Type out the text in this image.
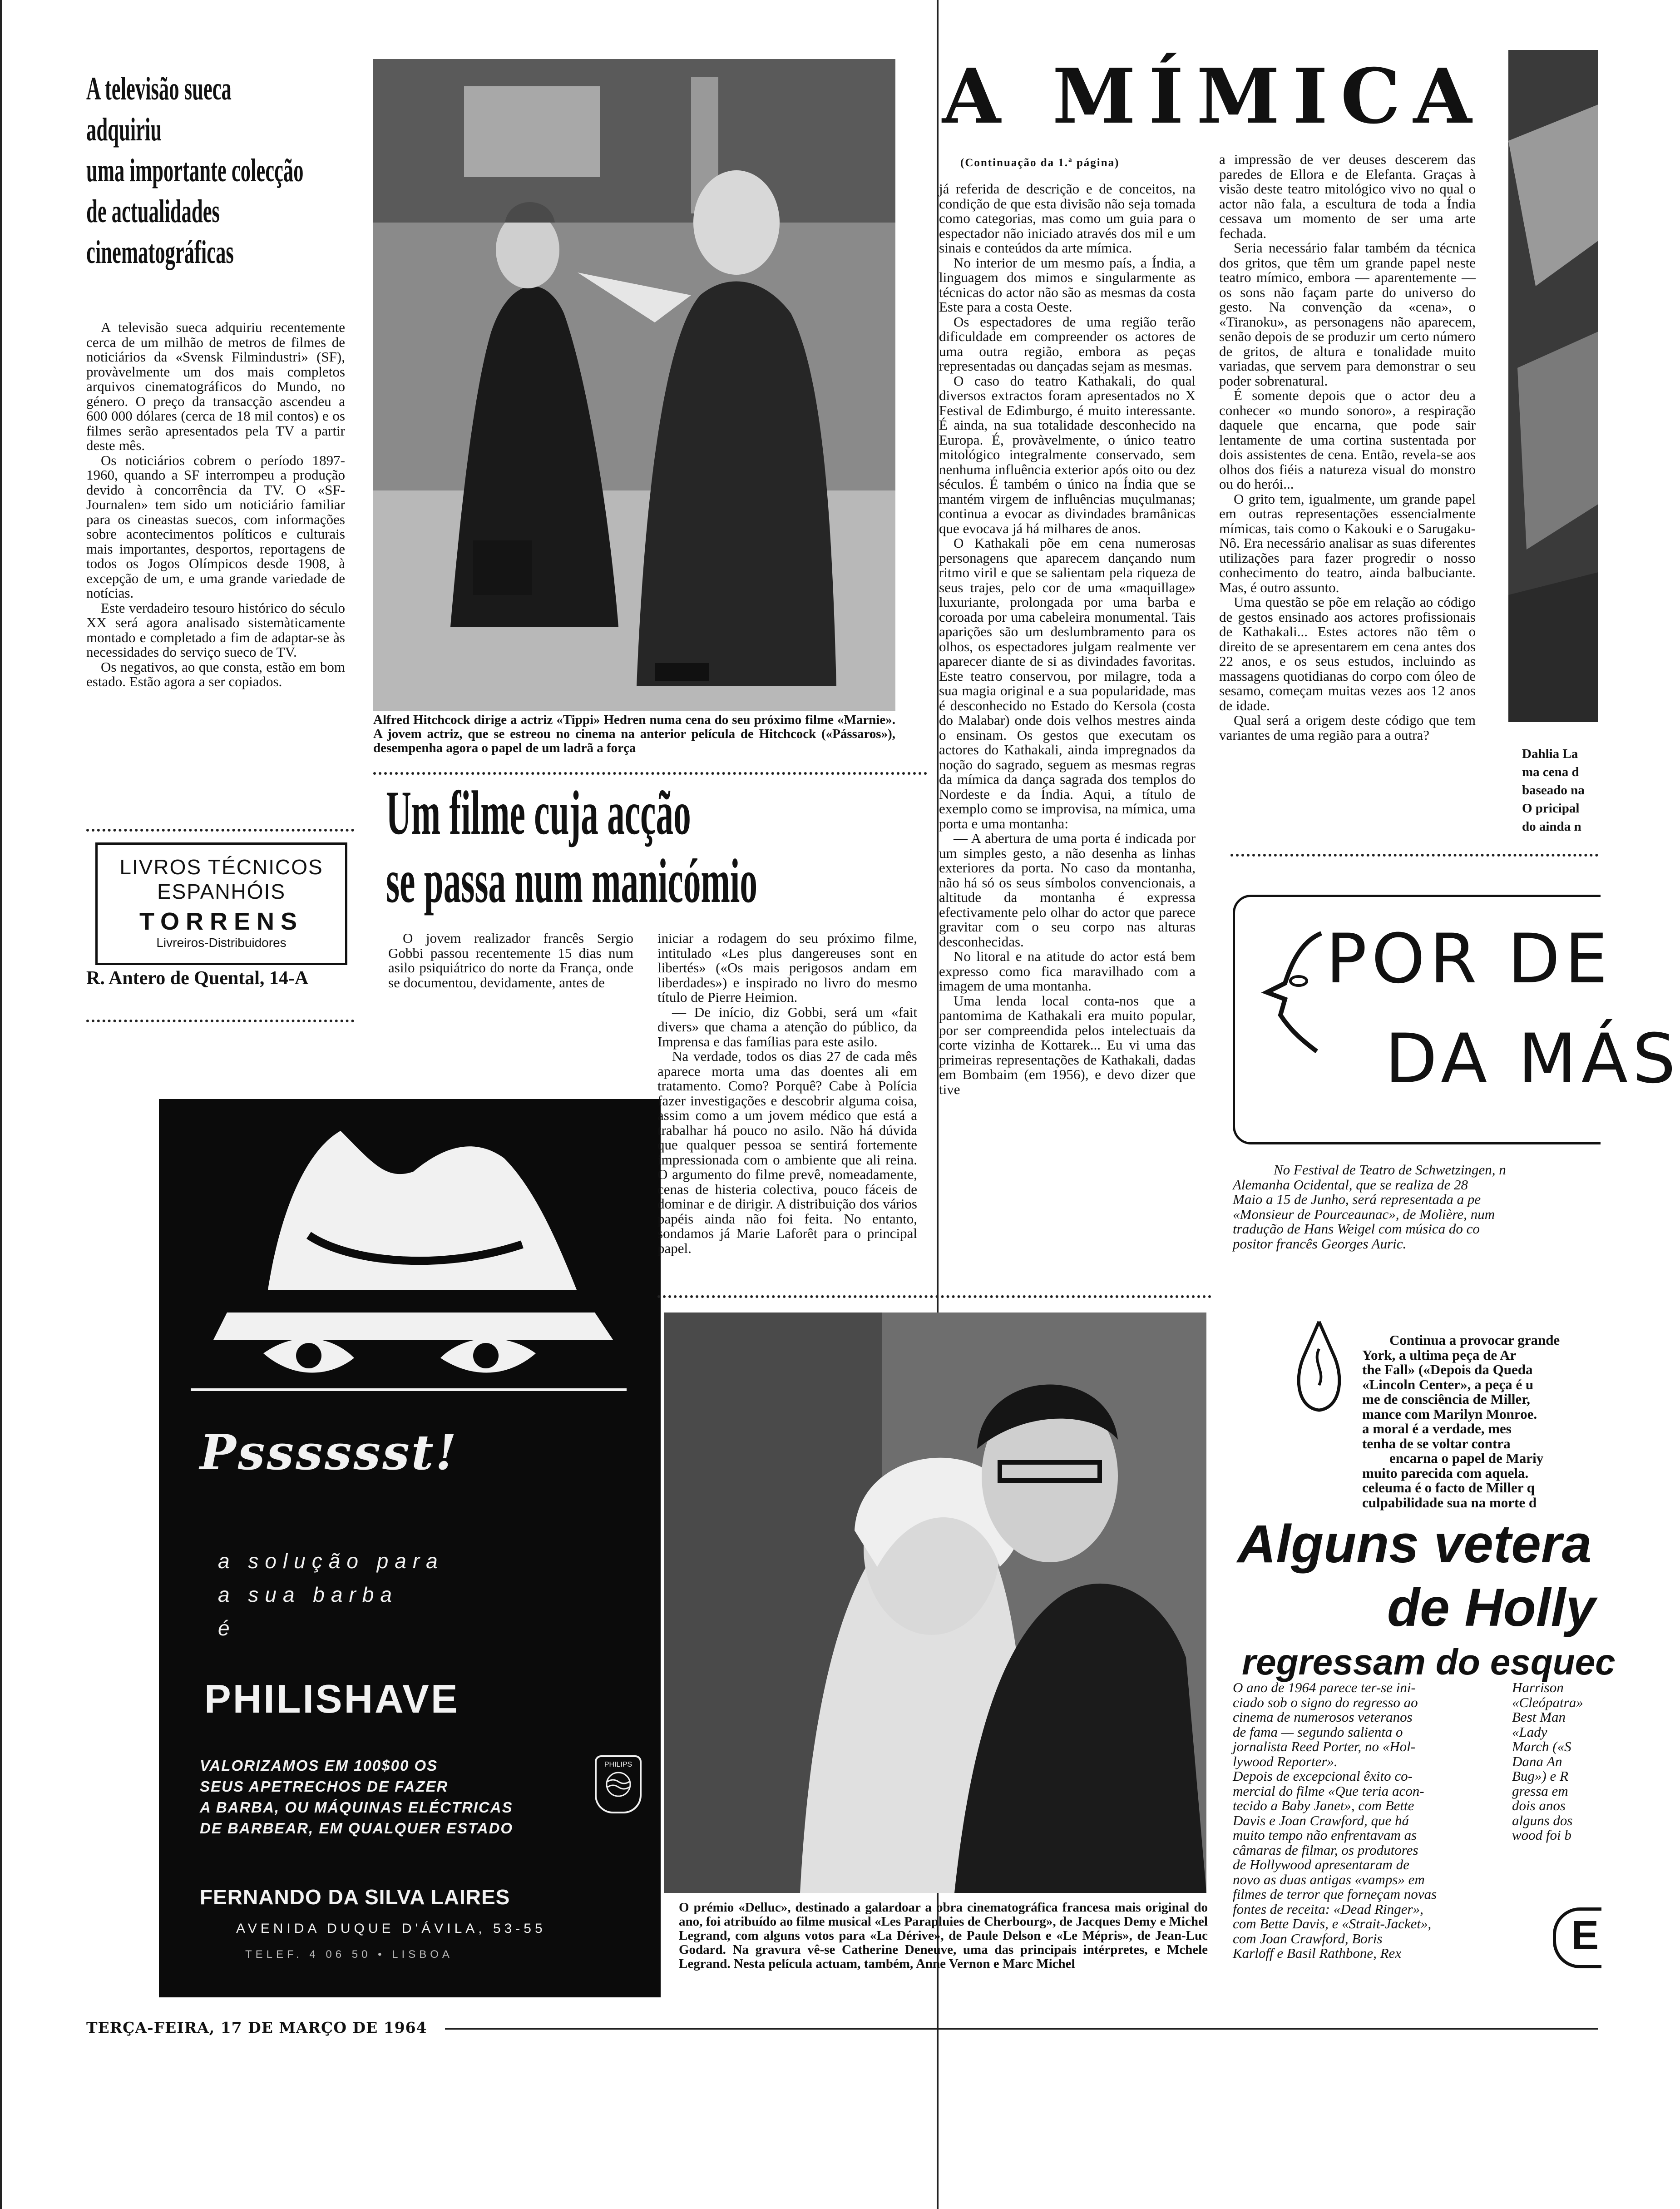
A televisão sueca
adquiriu
uma importante colecção
de actualidades
cinematográficas

A televisão sueca adquiriu recentemente cerca de um milhão de metros de filmes de noticiários da «Svensk Filmindustri» (SF), provàvelmente um dos mais completos arquivos cinematográficos do Mundo, no género. O preço da transacção ascendeu a 600 000 dólares (cerca de 18 mil contos) e os filmes serão apresentados pela TV a partir deste mês.

Os noticiários cobrem o período 1897-1960, quando a SF interrompeu a produção devido à concorrência da TV. O «SF-Journalen» tem sido um noticiário familiar para os cineastas suecos, com informações sobre acontecimentos políticos e culturais mais importantes, desportos, reportagens de todos os Jogos Olímpicos desde 1908, à excepção de um, e uma grande variedade de notícias.

Este verdadeiro tesouro histórico do século XX será agora analisado sistemàticamente montado e completado a fim de adaptar-se às necessidades do serviço sueco de TV.

Os negativos, ao que consta, estão em bom estado. Estão agora a ser copiados.

LIVROS TÉCNICOS
ESPANHÓIS
TORRENS
Livreiros-Distribuidores
R. Antero de Quental, 14-A
Psssssst!
a solução para
a sua barba
é
PHILISHAVE
PHILIPS
VALORIZAMOS EM 100$00 OS
SEUS APETRECHOS DE FAZER
A BARBA, OU MÁQUINAS ELÉCTRICAS
DE BARBEAR, EM QUALQUER ESTADO
FERNANDO DA SILVA LAIRES
AVENIDA DUQUE D'ÁVILA, 53-55
TELEF. 4 06 50 • LISBOA
Alfred Hitchcock dirige a actriz «Tippi» Hedren numa cena do seu próximo filme «Marnie». A jovem actriz, que se estreou no cinema na anterior película de Hitchcock («Pássaros»), desempenha agora o papel de um ladrã a força
Um filme cuja acção
se passa num manicómio

O jovem realizador francês Sergio Gobbi passou recentemente 15 dias num asilo psiquiátrico do norte da França, onde se documentou, devidamente, antes de

iniciar a rodagem do seu próximo filme, intitulado «Les plus dangereuses sont en libertés» («Os mais perigosos andam em liberdades») e inspirado no livro do mesmo título de Pierre Heimion.

— De início, diz Gobbi, será um «fait divers» que chama a atenção do público, da Imprensa e das famílias para este asilo.

Na verdade, todos os dias 27 de cada mês aparece morta uma das doentes ali em tratamento. Como? Porquê? Cabe à Polícia fazer investigações e descobrir alguma coisa, assim como a um jovem médico que está a trabalhar há pouco no asilo. Não há dúvida que qualquer pessoa se sentirá fortemente impressionada com o ambiente que ali reina. O argumento do filme prevê, nomeadamente, cenas de histeria colectiva, pouco fáceis de dominar e de dirigir. A distribuição dos vários papéis ainda não foi feita. No entanto, sondamos já Marie Laforêt para o principal papel.

O prémio «Delluc», destinado a galardoar a obra cinematográfica francesa mais original do ano, foi atribuído ao filme musical «Les Parapluies de Cherbourg», de Jacques Demy e Michel Legrand, com alguns votos para «La Dérive», de Paule Delson e «Le Mépris», de Jean-Luc Godard. Na gravura vê-se Catherine Deneuve, uma das principais intérpretes, e Mchele Legrand. Nesta película actuam, também, Anne Vernon e Marc Michel
A MÍMICA
(Continuação da 1.ª página)

já referida de descrição e de conceitos, na condição de que esta divisão não seja tomada como categorias, mas como um guia para o espectador não iniciado através dos mil e um sinais e conteúdos da arte mímica.

No interior de um mesmo país, a Índia, a linguagem dos mimos e singularmente as técnicas do actor não são as mesmas da costa Este para a costa Oeste.

Os espectadores de uma região terão dificuldade em compreender os actores de uma outra região, embora as peças representadas ou dançadas sejam as mesmas.

O caso do teatro Kathakali, do qual diversos extractos foram apresentados no X Festival de Edimburgo, é muito interessante. É ainda, na sua totalidade desconhecido na Europa. É, provàvelmente, o único teatro mitológico integralmente conservado, sem nenhuma influência exterior após oito ou dez séculos. É também o único na Índia que se mantém virgem de influências muçulmanas; continua a evocar as divindades bramânicas que evocava já há milhares de anos.

O Kathakali põe em cena numerosas personagens que aparecem dançando num ritmo viril e que se salientam pela riqueza de seus trajes, pelo cor de uma «maquillage» luxuriante, prolongada por uma barba e coroada por uma cabeleira monumental. Tais aparições são um deslumbramento para os olhos, os espectadores julgam realmente ver aparecer diante de si as divindades favoritas. Este teatro conservou, por milagre, toda a sua magia original e a sua popularidade, mas é desconhecido no Estado do Kersola (costa do Malabar) onde dois velhos mestres ainda o ensinam. Os gestos que executam os actores do Kathakali, ainda impregnados da noção do sagrado, seguem as mesmas regras da mímica da dança sagrada dos templos do Nordeste e da Índia. Aqui, a título de exemplo como se improvisa, na mímica, uma porta e uma montanha:

— A abertura de uma porta é indicada por um simples gesto, a não desenha as linhas exteriores da porta. No caso da montanha, não há só os seus símbolos convencionais, a altitude da montanha é expressa efectivamente pelo olhar do actor que parece gravitar com o seu corpo nas alturas desconhecidas.

No litoral e na atitude do actor está bem expresso como fica maravilhado com a imagem de uma montanha.

Uma lenda local conta-nos que a pantomima de Kathakali era muito popular, por ser compreendida pelos intelectuais da corte vizinha de Kottarek... Eu vi uma das primeiras representações de Kathakali, dadas em Bombaim (em 1956), e devo dizer que tive

a impressão de ver deuses descerem das paredes de Ellora e de Elefanta. Graças à visão deste teatro mitológico vivo no qual o actor não fala, a escultura de toda a Índia cessava um momento de ser uma arte fechada.

Seria necessário falar também da técnica dos gritos, que têm um grande papel neste teatro mímico, embora — aparentemente — os sons não façam parte do universo do gesto. Na convenção da «cena», o «Tiranoku», as personagens não aparecem, senão depois de se produzir um certo número de gritos, de altura e tonalidade muito variadas, que servem para demonstrar o seu poder sobrenatural.

É somente depois que o actor deu a conhecer «o mundo sonoro», a respiração daquele que encarna, que pode sair lentamente de uma cortina sustentada por dois assistentes de cena. Então, revela-se aos olhos dos fiéis a natureza visual do monstro ou do herói...

O grito tem, igualmente, um grande papel em outras representações essencialmente mímicas, tais como o Kakouki e o Sarugaku-Nô. Era necessário analisar as suas diferentes utilizações para fazer progredir o nosso conhecimento do teatro, ainda balbuciante. Mas, é outro assunto.

Uma questão se põe em relação ao código de gestos ensinado aos actores profissionais de Kathakali... Estes actores não têm o direito de se apresentarem em cena antes dos 22 anos, e os seus estudos, incluindo as massagens quotidianas do corpo com óleo de sesamo, começam muitas vezes aos 12 anos de idade.

Qual será a origem deste código que tem variantes de uma região para a outra?

Dahlia La
ma cena d
baseado na
O pricipal
do ainda n
POR DE
DA MÁS
No Festival de Teatro de Schwetzingen, n
Alemanha Ocidental, que se realiza de 28
Maio a 15 de Junho, será representada a pe
«Monsieur de Pourceaunac», de Molière, num
tradução de Hans Weigel com música do co
positor francês Georges Auric.
Continua a provocar grande
York, a ultima peça de Ar
the Fall» («Depois da Queda
«Lincoln Center», a peça é u
me de consciência de Miller,
mance com Marilyn Monroe.
a moral é a verdade, mes
tenha de se voltar contra
encarna o papel de Mariy
muito parecida com aquela.
celeuma é o facto de Miller q
culpabilidade sua na morte d
Alguns vetera
de Holly
regressam do esquec
O ano de 1964 parece ter-se ini-
ciado sob o signo do regresso ao
cinema de numerosos veteranos
de fama — segundo salienta o
jornalista Reed Porter, no «Hol-
lywood Reporter».
Depois de excepcional êxito co-
mercial do filme «Que teria acon-
tecido a Baby Janet», com Bette
Davis e Joan Crawford, que há
muito tempo não enfrentavam as
câmaras de filmar, os produtores
de Hollywood apresentaram de
novo as duas antigas «vamps» em
filmes de terror que forneçam novas
fontes de receita: «Dead Ringer»,
com Bette Davis, e «Strait-Jacket»,
com Joan Crawford, Boris
Karloff e Basil Rathbone, Rex
Harrison
«Cleópatra»
Best Man
«Lady
March («S
Dana An
Bug») e R
gressa em
dois anos
alguns dos
wood foi b
E
TERÇA-FEIRA, 17 DE MARÇO DE 1964
